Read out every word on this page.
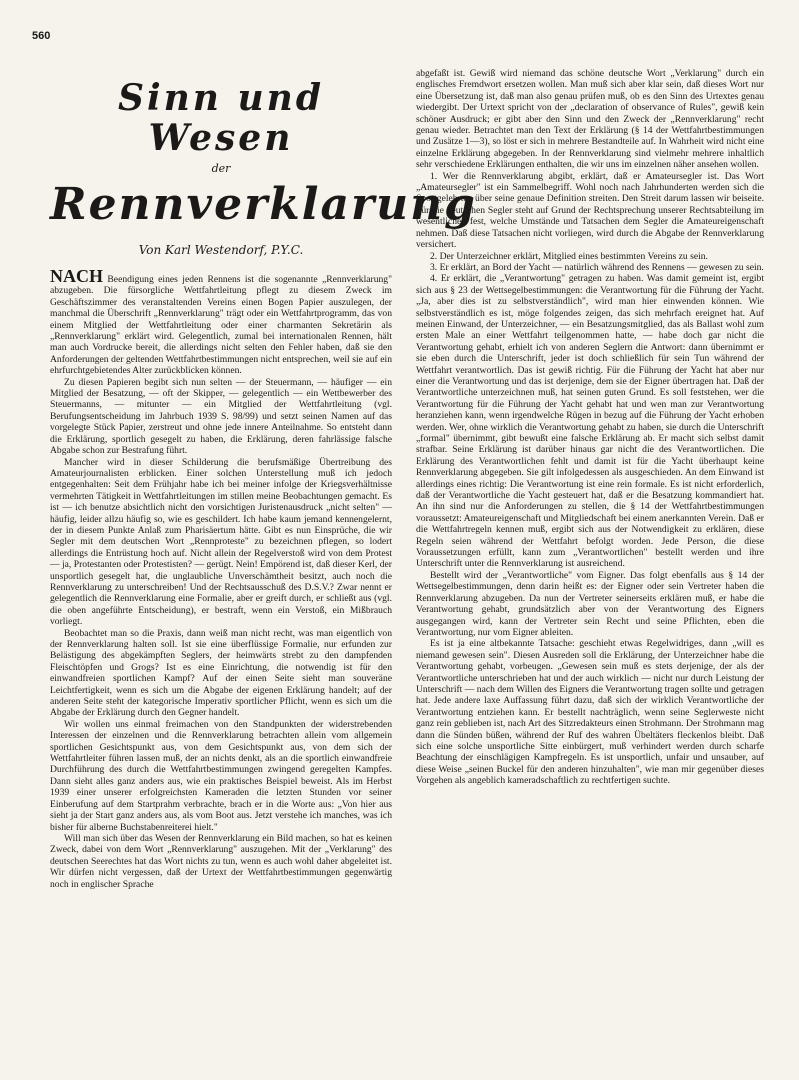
560
Sinn und Wesen
der
Rennverklarung
Von Karl Westendorf, P.Y.C.

NACH Beendigung eines jeden Rennens ist die sogenannte „Rennverklarung" abzugeben. Die fürsorgliche Wettfahrtleitung pflegt zu diesem Zweck im Geschäftszimmer des veranstaltenden Vereins einen Bogen Papier auszulegen, der manchmal die Überschrift „Rennverklarung" trägt oder ein Wettfahrtprogramm, das von einem Mitglied der Wettfahrtleitung oder einer charmanten Sekretärin als „Rennverklarung" erklärt wird. Gelegentlich, zumal bei internationalen Rennen, hält man auch Vordrucke bereit, die allerdings nicht selten den Fehler haben, daß sie den Anforderungen der geltenden Wettfahrtbestimmungen nicht entsprechen, weil sie auf ein ehrfurchtgebietendes Alter zurückblicken können.

Zu diesen Papieren begibt sich nun selten — der Steuermann, — häufiger — ein Mitglied der Besatzung, — oft der Skipper, — gelegentlich — ein Wettbewerber des Steuermanns, — mitunter — ein Mitglied der Wettfahrtleitung (vgl. Berufungsentscheidung im Jahrbuch 1939 S. 98/99) und setzt seinen Namen auf das vorgelegte Stück Papier, zerstreut und ohne jede innere Anteilnahme. So entsteht dann die Erklärung, sportlich gesegelt zu haben, die Erklärung, deren fahrlässige falsche Abgabe schon zur Bestrafung führt.

Mancher wird in dieser Schilderung die berufsmäßige Übertreibung des Amateurjournalisten erblicken. Einer solchen Unterstellung muß ich jedoch entgegenhalten: Seit dem Frühjahr habe ich bei meiner infolge der Kriegsverhältnisse vermehrten Tätigkeit in Wettfahrtleitungen im stillen meine Beobachtungen gemacht. Es ist — ich benutze absichtlich nicht den vorsichtigen Juristenausdruck „nicht selten" — häufig, leider allzu häufig so, wie es geschildert. Ich habe kaum jemand kennengelernt, der in diesem Punkte Anlaß zum Pharisäertum hätte. Gibt es nun Einsprüche, die wir Segler mit dem deutschen Wort „Rennproteste" zu bezeichnen pflegen, so lodert allerdings die Entrüstung hoch auf. Nicht allein der Regelverstoß wird von dem Protest — ja, Protestanten oder Protestisten? — gerügt. Nein! Empörend ist, daß dieser Kerl, der unsportlich gesegelt hat, die unglaubliche Unverschämtheit besitzt, auch noch die Rennverklarung zu unterschreiben! Und der Rechtsausschuß des D.S.V.? Zwar nennt er gelegentlich die Rennverklarung eine Formalie, aber er greift durch, er schließt aus (vgl. die oben angeführte Entscheidung), er bestraft, wenn ein Verstoß, ein Mißbrauch vorliegt.

Beobachtet man so die Praxis, dann weiß man nicht recht, was man eigentlich von der Rennverklarung halten soll. Ist sie eine überflüssige Formalie, nur erfunden zur Belästigung des abgekämpften Seglers, der heimwärts strebt zu den dampfenden Fleischtöpfen und Grogs? Ist es eine Einrichtung, die notwendig ist für den einwandfreien sportlichen Kampf? Auf der einen Seite sieht man souveräne Leichtfertigkeit, wenn es sich um die Abgabe der eigenen Erklärung handelt; auf der anderen Seite steht der kategorische Imperativ sportlicher Pflicht, wenn es sich um die Abgabe der Erklärung durch den Gegner handelt.

Wir wollen uns einmal freimachen von den Standpunkten der widerstrebenden Interessen der einzelnen und die Rennverklarung betrachten allein vom allgemein sportlichen Gesichtspunkt aus, von dem Gesichtspunkt aus, von dem sich der Wettfahrtleiter führen lassen muß, der an nichts denkt, als an die sportlich einwandfreie Durchführung des durch die Wettfahrtbestimmungen zwingend geregelten Kampfes. Dann sieht alles ganz anders aus, wie ein praktisches Beispiel beweist. Als im Herbst 1939 einer unserer erfolgreichsten Kameraden die letzten Stunden vor seiner Einberufung auf dem Startprahm verbrachte, brach er in die Worte aus: „Von hier aus sieht ja der Start ganz anders aus, als vom Boot aus. Jetzt verstehe ich manches, was ich bisher für alberne Buchstabenreiterei hielt."

Will man sich über das Wesen der Rennverklarung ein Bild machen, so hat es keinen Zweck, dabei von dem Wort „Rennverklarung" auszugehen. Mit der „Verklarung" des deutschen Seerechtes hat das Wort nichts zu tun, wenn es auch wohl daher abgeleitet ist. Wir dürfen nicht vergessen, daß der Urtext der Wettfahrtbestimmungen gegenwärtig noch in englischer Sprache

abgefaßt ist. Gewiß wird niemand das schöne deutsche Wort „Verklarung" durch ein englisches Fremdwort ersetzen wollen. Man muß sich aber klar sein, daß dieses Wort nur eine Übersetzung ist, daß man also genau prüfen muß, ob es den Sinn des Urtextes genau wiedergibt. Der Urtext spricht von der „declaration of observance of Rules", gewiß kein schöner Ausdruck; er gibt aber den Sinn und den Zweck der „Rennverklarung" recht genau wieder. Betrachtet man den Text der Erklärung (§ 14 der Wettfahrtbestimmungen und Zusätze 1—3), so löst er sich in mehrere Bestandteile auf. In Wahrheit wird nicht eine einzelne Erklärung abgegeben. In der Rennverklarung sind vielmehr mehrere inhaltlich sehr verschiedene Erklärungen enthalten, die wir uns im einzelnen näher ansehen wollen.

1. Wer die Rennverklarung abgibt, erklärt, daß er Amateursegler ist. Das Wort „Amateursegler" ist ein Sammelbegriff. Wohl noch nach Jahrhunderten werden sich die Sportgelehrten über seine genaue Definition streiten. Den Streit darum lassen wir beiseite. Für die deutschen Segler steht auf Grund der Rechtsprechung unserer Rechtsabteilung im wesentlichen fest, welche Umstände und Tatsachen dem Segler die Amateureigenschaft nehmen. Daß diese Tatsachen nicht vorliegen, wird durch die Abgabe der Rennverklarung versichert.

2. Der Unterzeichner erklärt, Mitglied eines bestimmten Vereins zu sein.

3. Er erklärt, an Bord der Yacht — natürlich während des Rennens — gewesen zu sein.

4. Er erklärt, die „Verantwortung" getragen zu haben. Was damit gemeint ist, ergibt sich aus § 23 der Wettsegelbestimmungen: die Verantwortung für die Führung der Yacht. „Ja, aber dies ist zu selbstverständlich", wird man hier einwenden können. Wie selbstverständlich es ist, möge folgendes zeigen, das sich mehrfach ereignet hat. Auf meinen Einwand, der Unterzeichner, — ein Besatzungsmitglied, das als Ballast wohl zum ersten Male an einer Wettfahrt teilgenommen hatte, — habe doch gar nicht die Verantwortung gehabt, erhielt ich von anderen Seglern die Antwort: dann übernimmt er sie eben durch die Unterschrift, jeder ist doch schließlich für sein Tun während der Wettfahrt verantwortlich. Das ist gewiß richtig. Für die Führung der Yacht hat aber nur einer die Verantwortung und das ist derjenige, dem sie der Eigner übertragen hat. Daß der Verantwortliche unterzeichnen muß, hat seinen guten Grund. Es soll feststehen, wer die Verantwortung für die Führung der Yacht gehabt hat und wen man zur Verantwortung heranziehen kann, wenn irgendwelche Rügen in bezug auf die Führung der Yacht erhoben werden. Wer, ohne wirklich die Verantwortung gehabt zu haben, sie durch die Unterschrift „formal" übernimmt, gibt bewußt eine falsche Erklärung ab. Er macht sich selbst damit strafbar. Seine Erklärung ist darüber hinaus gar nicht die des Verantwortlichen. Die Erklärung des Verantwortlichen fehlt und damit ist für die Yacht überhaupt keine Rennverklarung abgegeben. Sie gilt infolgedessen als ausgeschieden. An dem Einwand ist allerdings eines richtig: Die Verantwortung ist eine rein formale. Es ist nicht erforderlich, daß der Verantwortliche die Yacht gesteuert hat, daß er die Besatzung kommandiert hat. An ihn sind nur die Anforderungen zu stellen, die § 14 der Wettfahrtbestimmungen voraussetzt: Amateureigenschaft und Mitgliedschaft bei einem anerkannten Verein. Daß er die Wettfahrtregeln kennen muß, ergibt sich aus der Notwendigkeit zu erklären, diese Regeln seien während der Wettfahrt befolgt worden. Jede Person, die diese Voraussetzungen erfüllt, kann zum „Verantwortlichen" bestellt werden und ihre Unterschrift unter die Rennverklarung ist ausreichend.

Bestellt wird der „Verantwortliche" vom Eigner. Das folgt ebenfalls aus § 14 der Wettsegelbestimmungen, denn darin heißt es: der Eigner oder sein Vertreter haben die Rennverklarung abzugeben. Da nun der Vertreter seinerseits erklären muß, er habe die Verantwortung gehabt, grundsätzlich aber von der Verantwortung des Eigners ausgegangen wird, kann der Vertreter sein Recht und seine Pflichten, eben die Verantwortung, nur vom Eigner ableiten.

Es ist ja eine altbekannte Tatsache: geschieht etwas Regelwidriges, dann „will es niemand gewesen sein". Diesen Ausreden soll die Erklärung, der Unterzeichner habe die Verantwortung gehabt, vorbeugen. „Gewesen sein muß es stets derjenige, der als der Verantwortliche unterschrieben hat und der auch wirklich — nicht nur durch Leistung der Unterschrift — nach dem Willen des Eigners die Verantwortung tragen sollte und getragen hat. Jede andere laxe Auffassung führt dazu, daß sich der wirklich Verantwortliche der Verantwortung entziehen kann. Er bestellt nachträglich, wenn seine Seglerweste nicht ganz rein geblieben ist, nach Art des Sitzredakteurs einen Strohmann. Der Strohmann mag dann die Sünden büßen, während der Ruf des wahren Übeltäters fleckenlos bleibt. Daß sich eine solche unsportliche Sitte einbürgert, muß verhindert werden durch scharfe Beachtung der einschlägigen Kampfregeln. Es ist unsportlich, unfair und unsauber, auf diese Weise „seinen Buckel für den anderen hinzuhalten", wie man mir gegenüber dieses Vorgehen als angeblich kameradschaftlich zu rechtfertigen suchte.
